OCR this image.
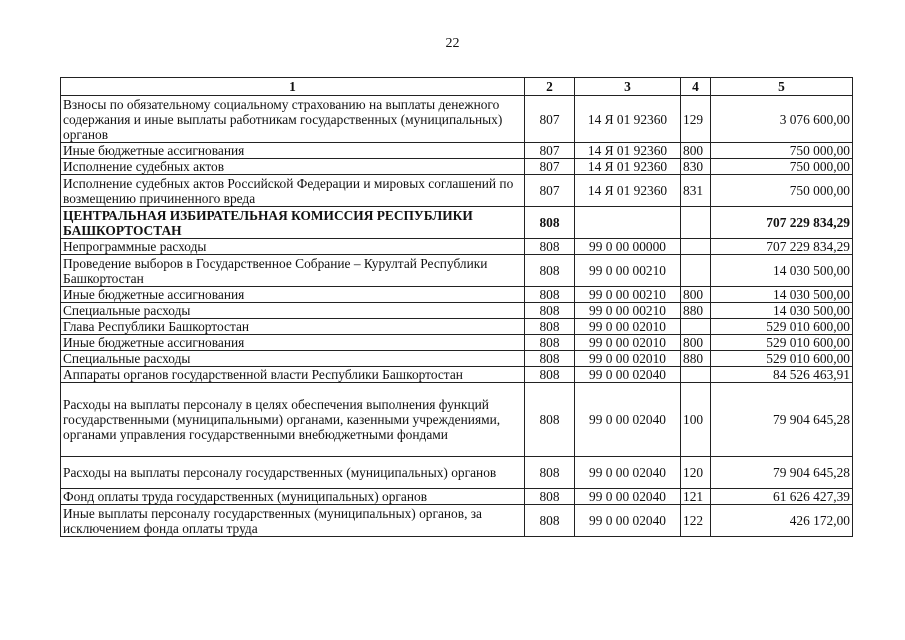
22
1	2	3	4	5
Взносы по обязательному социальному страхованию на выплаты денежного содержания и иные выплаты работникам государственных (муниципальных) органов	807	14 Я 01 92360	129	3 076 600,00
Иные бюджетные ассигнования	807	14 Я 01 92360	800	750 000,00
Исполнение судебных актов	807	14 Я 01 92360	830	750 000,00
Исполнение судебных актов Российской Федерации и мировых соглашений по возмещению причиненного вреда	807	14 Я 01 92360	831	750 000,00
ЦЕНТРАЛЬНАЯ ИЗБИРАТЕЛЬНАЯ КОМИССИЯ РЕСПУБЛИКИ БАШКОРТОСТАН	808			707 229 834,29
Непрограммные расходы	808	99 0 00 00000		707 229 834,29
Проведение выборов в Государственное Собрание – Курултай Республики Башкортостан	808	99 0 00 00210		14 030 500,00
Иные бюджетные ассигнования	808	99 0 00 00210	800	14 030 500,00
Специальные расходы	808	99 0 00 00210	880	14 030 500,00
Глава Республики Башкортостан	808	99 0 00 02010		529 010 600,00
Иные бюджетные ассигнования	808	99 0 00 02010	800	529 010 600,00
Специальные расходы	808	99 0 00 02010	880	529 010 600,00
Аппараты органов государственной власти Республики Башкортостан	808	99 0 00 02040		84 526 463,91
Расходы на выплаты персоналу в целях обеспечения выполнения функций государственными (муниципальными) органами, казенными учреждениями, органами управления государственными внебюджетными фондами	808	99 0 00 02040	100	79 904 645,28
Расходы на выплаты персоналу государственных (муниципальных) органов	808	99 0 00 02040	120	79 904 645,28
Фонд оплаты труда государственных (муниципальных) органов	808	99 0 00 02040	121	61 626 427,39
Иные выплаты персоналу государственных (муниципальных) органов, за исключением фонда оплаты труда	808	99 0 00 02040	122	426 172,00
